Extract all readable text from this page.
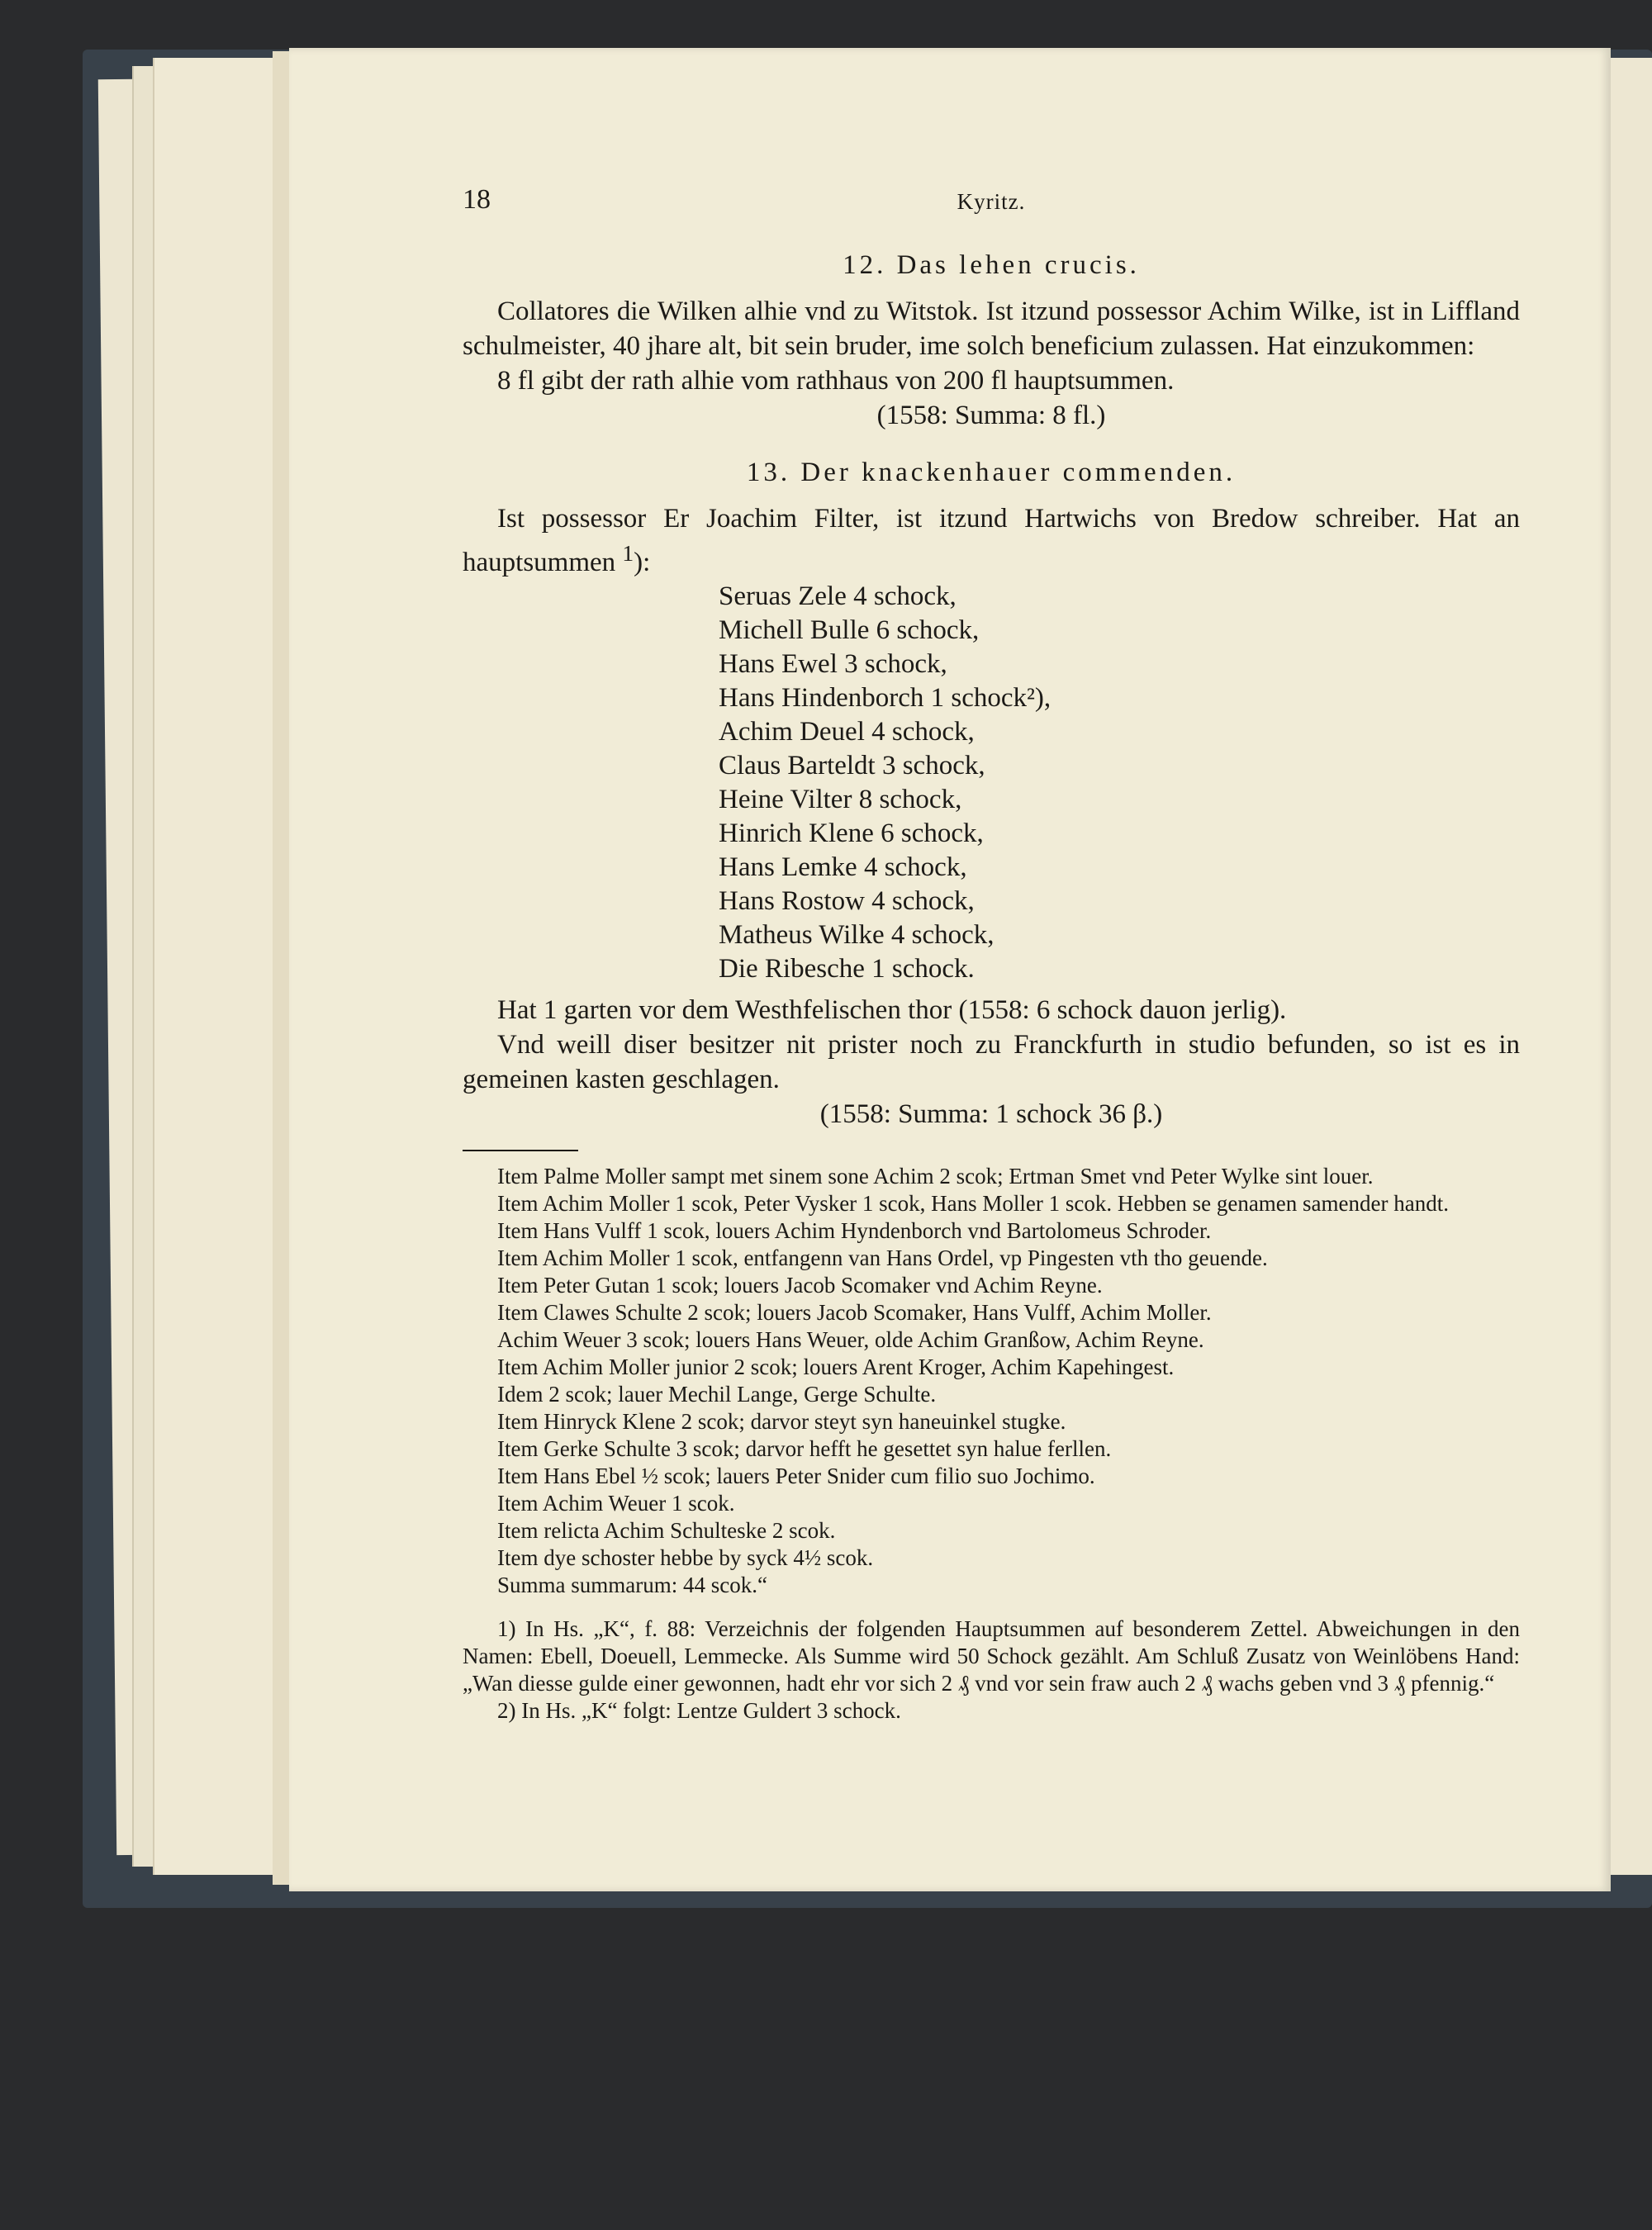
18	Kyritz.
12. Das lehen crucis.

Collatores die Wilken alhie vnd zu Witstok. Ist itzund possessor Achim Wilke, ist in Liffland schulmeister, 40 jhare alt, bit sein bruder, ime solch beneficium zulassen. Hat einzukommen:

8 fl gibt der rath alhie vom rathhaus von 200 fl hauptsummen.

(1558: Summa: 8 fl.)

13. Der knackenhauer commenden.

Ist possessor Er Joachim Filter, ist itzund Hartwichs von Bredow schreiber. Hat an hauptsummen $^1$):

Seruas Zele 4 schock,
Michell Bulle 6 schock,
Hans Ewel 3 schock,
Hans Hindenborch 1 schock²),
Achim Deuel 4 schock,
Claus Barteldt 3 schock,
Heine Vilter 8 schock,
Hinrich Klene 6 schock,
Hans Lemke 4 schock,
Hans Rostow 4 schock,
Matheus Wilke 4 schock,
Die Ribesche 1 schock.

Hat 1 garten vor dem Westhfelischen thor (1558: 6 schock dauon jerlig).

Vnd weill diser besitzer nit prister noch zu Franckfurth in studio befunden, so ist es in gemeinen kasten geschlagen.

(1558: Summa: 1 schock 36 β.)

Item Palme Moller sampt met sinem sone Achim 2 scok; Ertman Smet vnd Peter Wylke sint louer.

Item Achim Moller 1 scok, Peter Vysker 1 scok, Hans Moller 1 scok. Hebben se genamen samender handt.

Item Hans Vulff 1 scok, louers Achim Hyndenborch vnd Bartolomeus Schroder.

Item Achim Moller 1 scok, entfangenn van Hans Ordel, vp Pingesten vth tho geuende.

Item Peter Gutan 1 scok; louers Jacob Scomaker vnd Achim Reyne.

Item Clawes Schulte 2 scok; louers Jacob Scomaker, Hans Vulff, Achim Moller.

Achim Weuer 3 scok; louers Hans Weuer, olde Achim Granßow, Achim Reyne.

Item Achim Moller junior 2 scok; louers Arent Kroger, Achim Kapehingest.

Idem 2 scok; lauer Mechil Lange, Gerge Schulte.

Item Hinryck Klene 2 scok; darvor steyt syn haneuinkel stugke.

Item Gerke Schulte 3 scok; darvor hefft he gesettet syn halue ferllen.

Item Hans Ebel ½ scok; lauers Peter Snider cum filio suo Jochimo.

Item Achim Weuer 1 scok.

Item relicta Achim Schulteske 2 scok.

Item dye schoster hebbe by syck 4½ scok.

Summa summarum: 44 scok.“

1) In Hs. „K“, f. 88: Verzeichnis der folgenden Hauptsummen auf besonderem Zettel. Abweichungen in den Namen: Ebell, Doeuell, Lemmecke. Als Summe wird 50 Schock gezählt. Am Schluß Zusatz von Weinlöbens Hand: „Wan diesse gulde einer gewonnen, hadt ehr vor sich 2 ₰ vnd vor sein fraw auch 2 ₰ wachs geben vnd 3 ₰ pfennig.“

2) In Hs. „K“ folgt: Lentze Guldert 3 schock.
